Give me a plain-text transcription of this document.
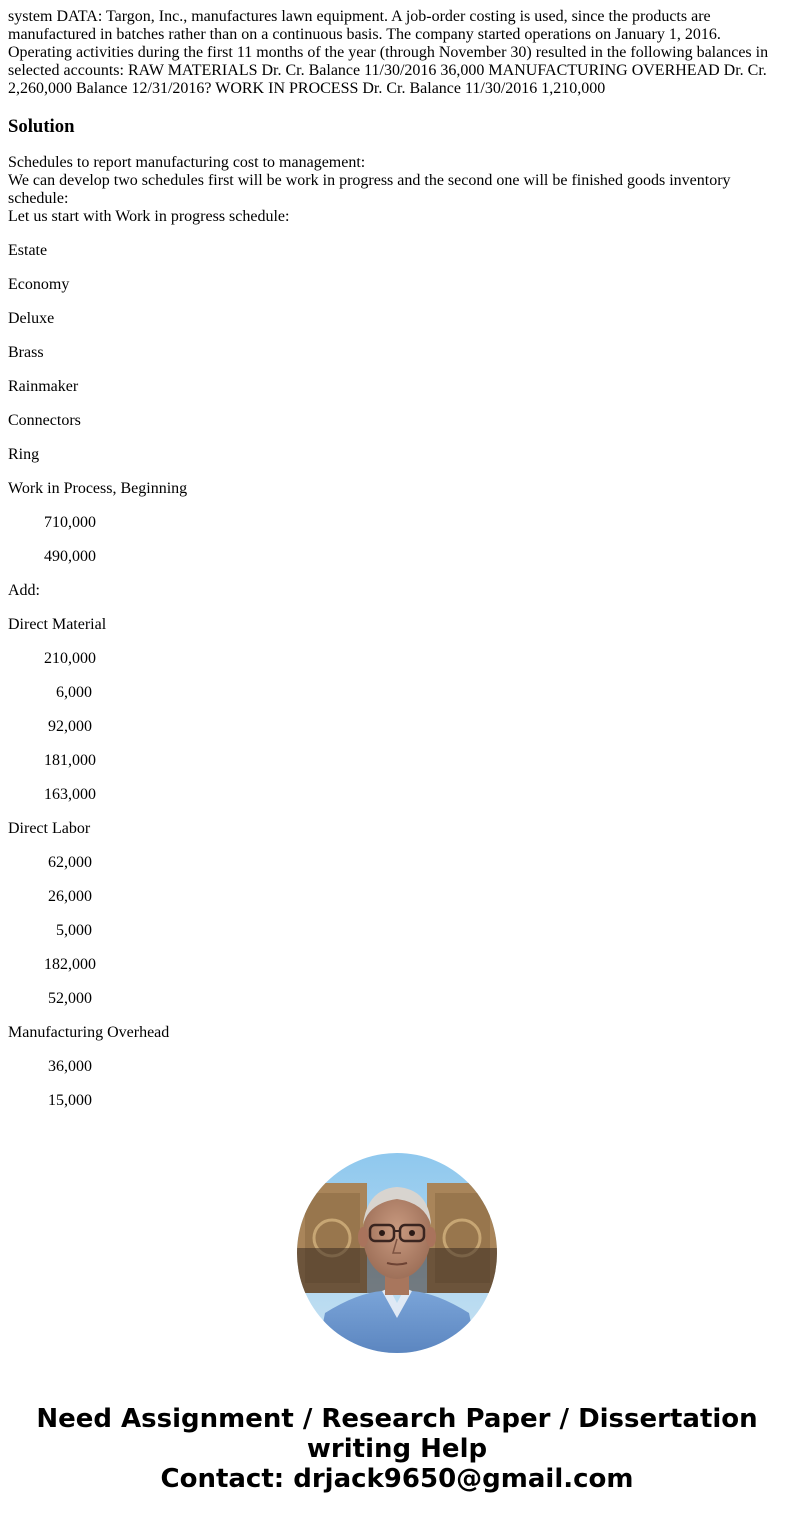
system DATA: Targon, Inc., manufactures lawn equipment. A job-order costing is used, since the products are manufactured in batches rather than on a continuous basis. The company started operations on January 1, 2016. Operating activities during the first 11 months of the year (through November 30) resulted in the following balances in selected accounts: RAW MATERIALS Dr. Cr. Balance 11/30/2016 36,000 MANUFACTURING OVERHEAD Dr. Cr. 2,260,000 Balance 12/31/2016? WORK IN PROCESS Dr. Cr. Balance 11/30/2016 1,210,000

Solution
Schedules to report manufacturing cost to management:
We can develop two schedules first will be work in progress and the second one will be finished goods inventory schedule:
Let us start with Work in progress schedule:
Estate
Economy
Deluxe
Brass
Rainmaker
Connectors
Ring
Work in Process, Beginning
710,000
490,000
Add:
Direct Material
210,000
6,000
92,000
181,000
163,000
Direct Labor
62,000
26,000
5,000
182,000
52,000
Manufacturing Overhead
36,000
15,000
Need Assignment / Research Paper / Dissertation
writing Help
Contact: drjack9650@gmail.com
